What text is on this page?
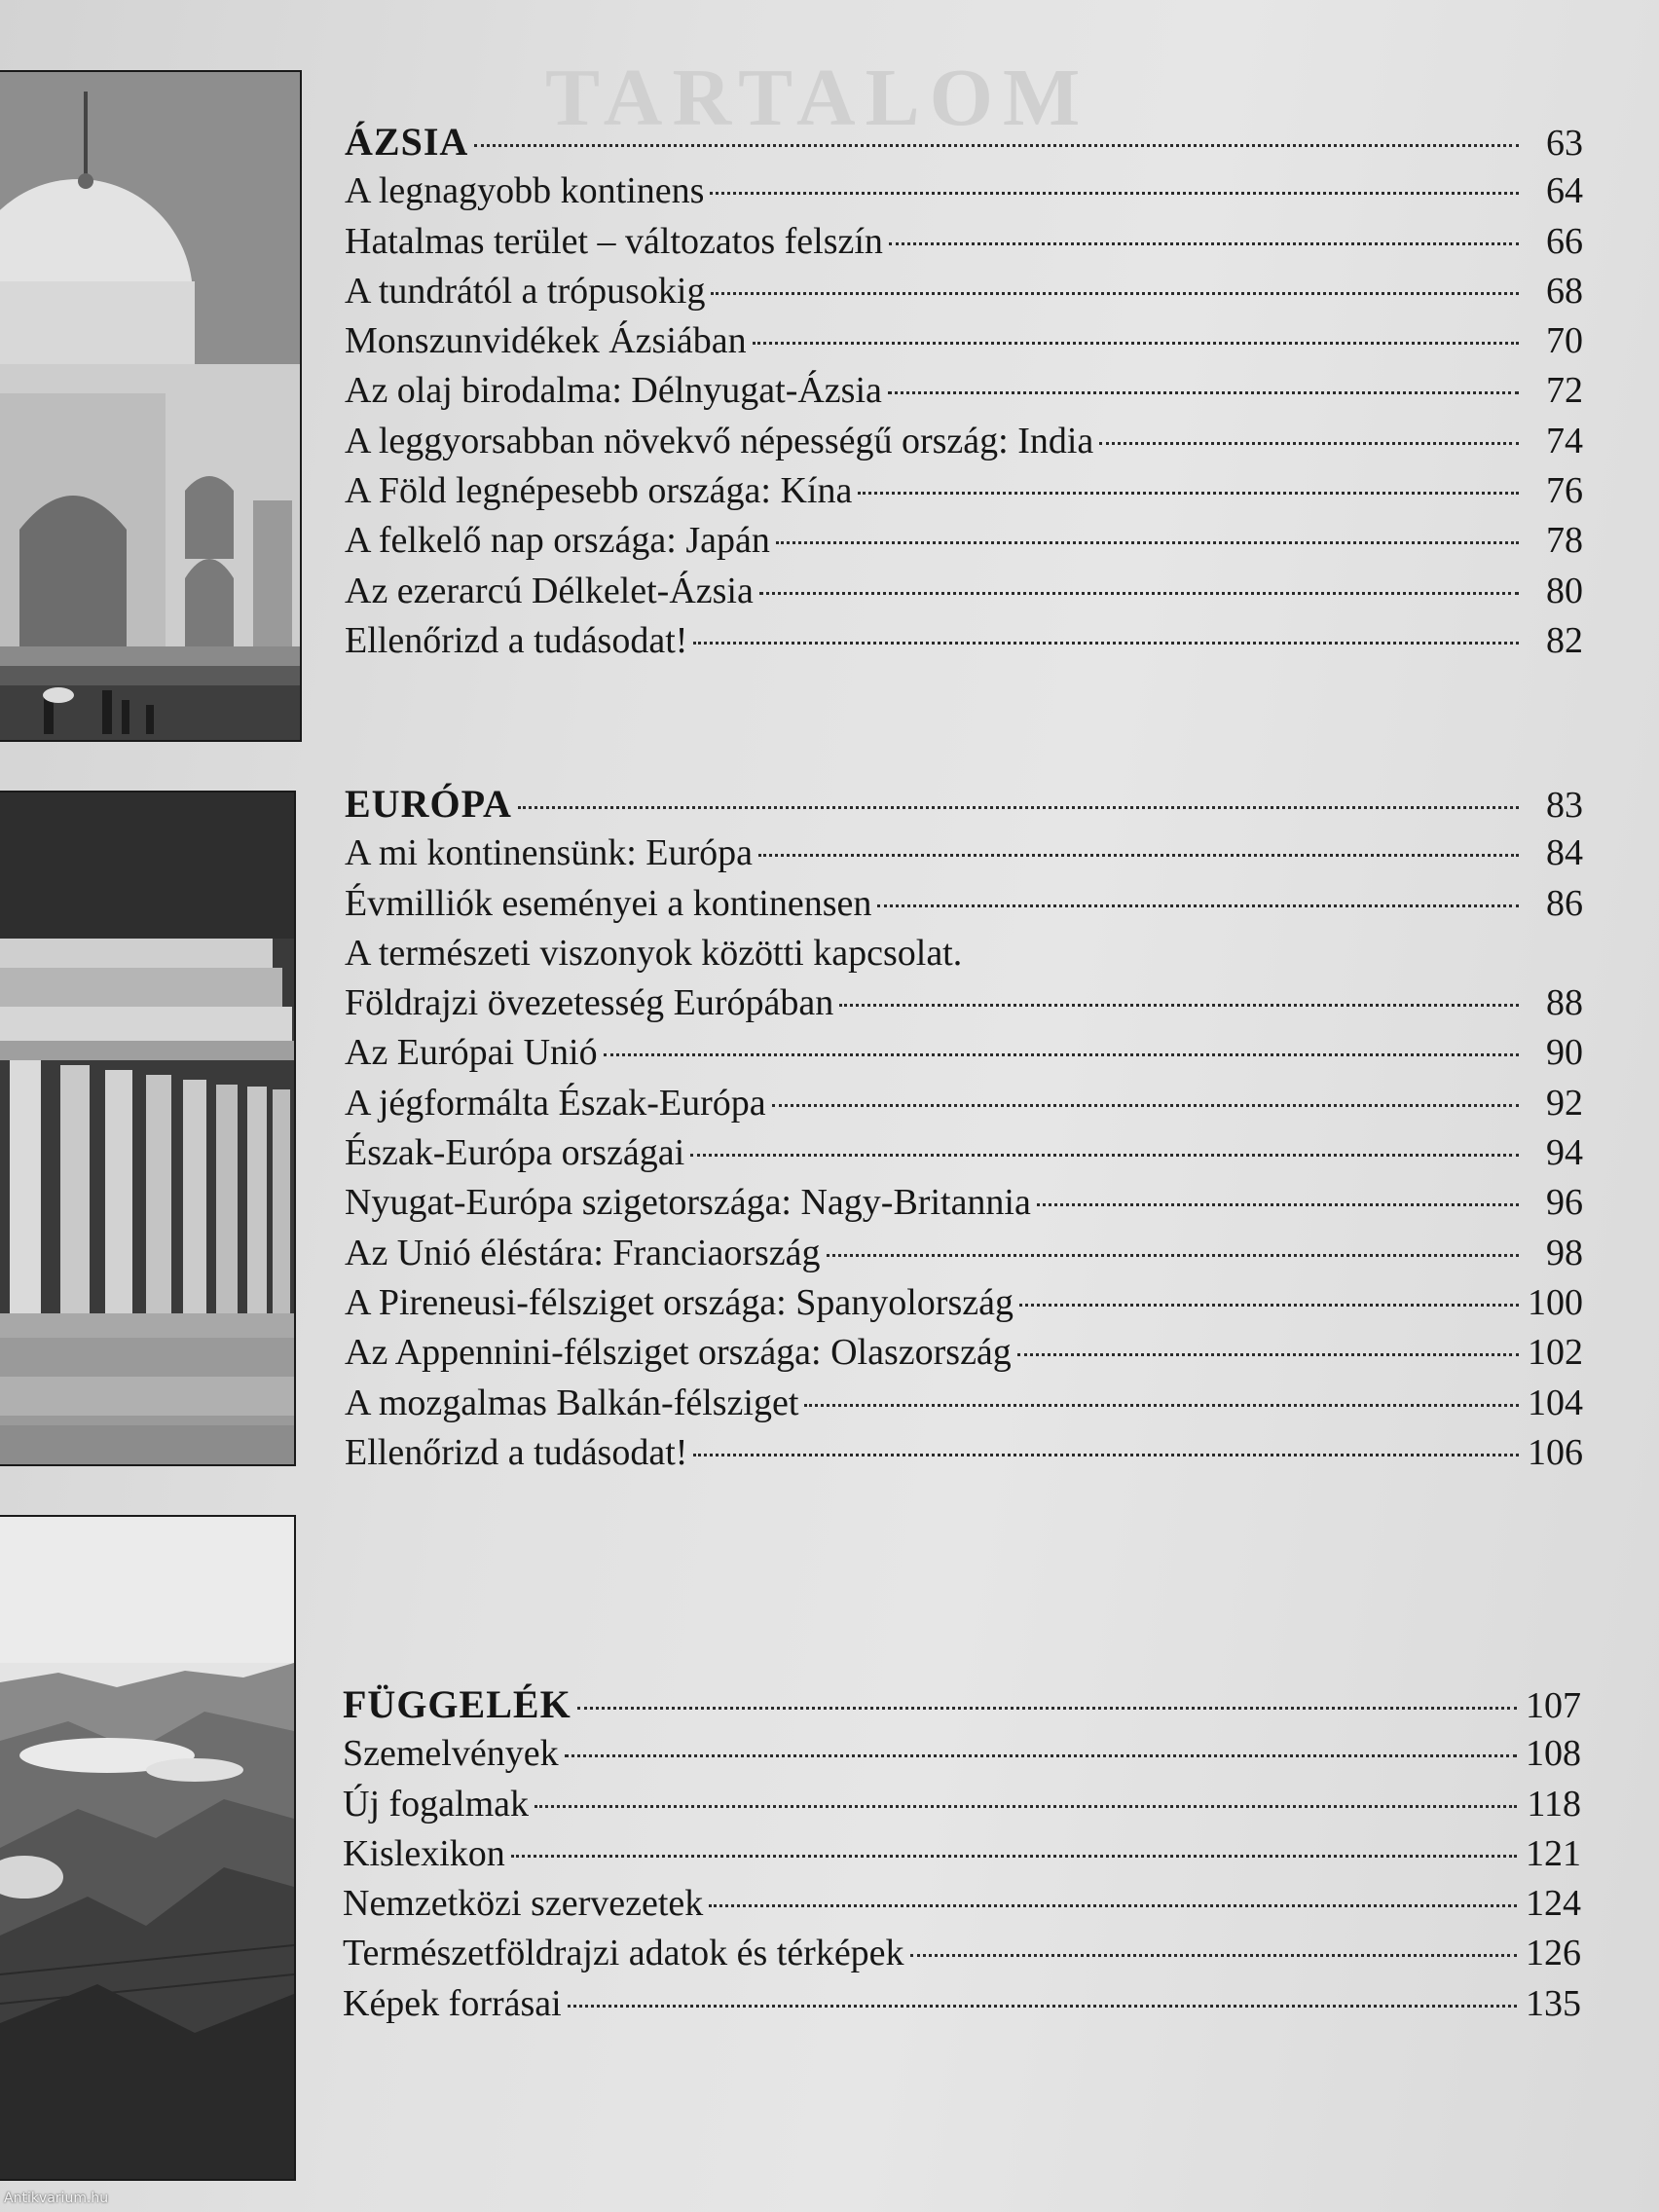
TARTALOM
ÁZSIA	63
A legnagyobb kontinens	64
Hatalmas terület – változatos felszín	66
A tundrától a trópusokig	68
Monszunvidékek Ázsiában	70
Az olaj birodalma: Délnyugat-Ázsia	72
A leggyorsabban növekvő népességű ország: India	74
A Föld legnépesebb országa: Kína	76
A felkelő nap országa: Japán	78
Az ezerarcú Délkelet-Ázsia	80
Ellenőrizd a tudásodat!	82
EURÓPA	83
A mi kontinensünk: Európa	84
Évmilliók eseményei a kontinensen	86
A természeti viszonyok közötti kapcsolat.
Földrajzi övezetesség Európában	88
Az Európai Unió	90
A jégformálta Észak-Európa	92
Észak-Európa országai	94
Nyugat-Európa szigetországa: Nagy-Britannia	96
Az Unió éléstára: Franciaország	98
A Pireneusi-félsziget országa: Spanyolország	100
Az Appennini-félsziget országa: Olaszország	102
A mozgalmas Balkán-félsziget	104
Ellenőrizd a tudásodat!	106
FÜGGELÉK	107
Szemelvények	108
Új fogalmak	118
Kislexikon	121
Nemzetközi szervezetek	124
Természetföldrajzi adatok és térképek	126
Képek forrásai	135
Antikvarium.hu
